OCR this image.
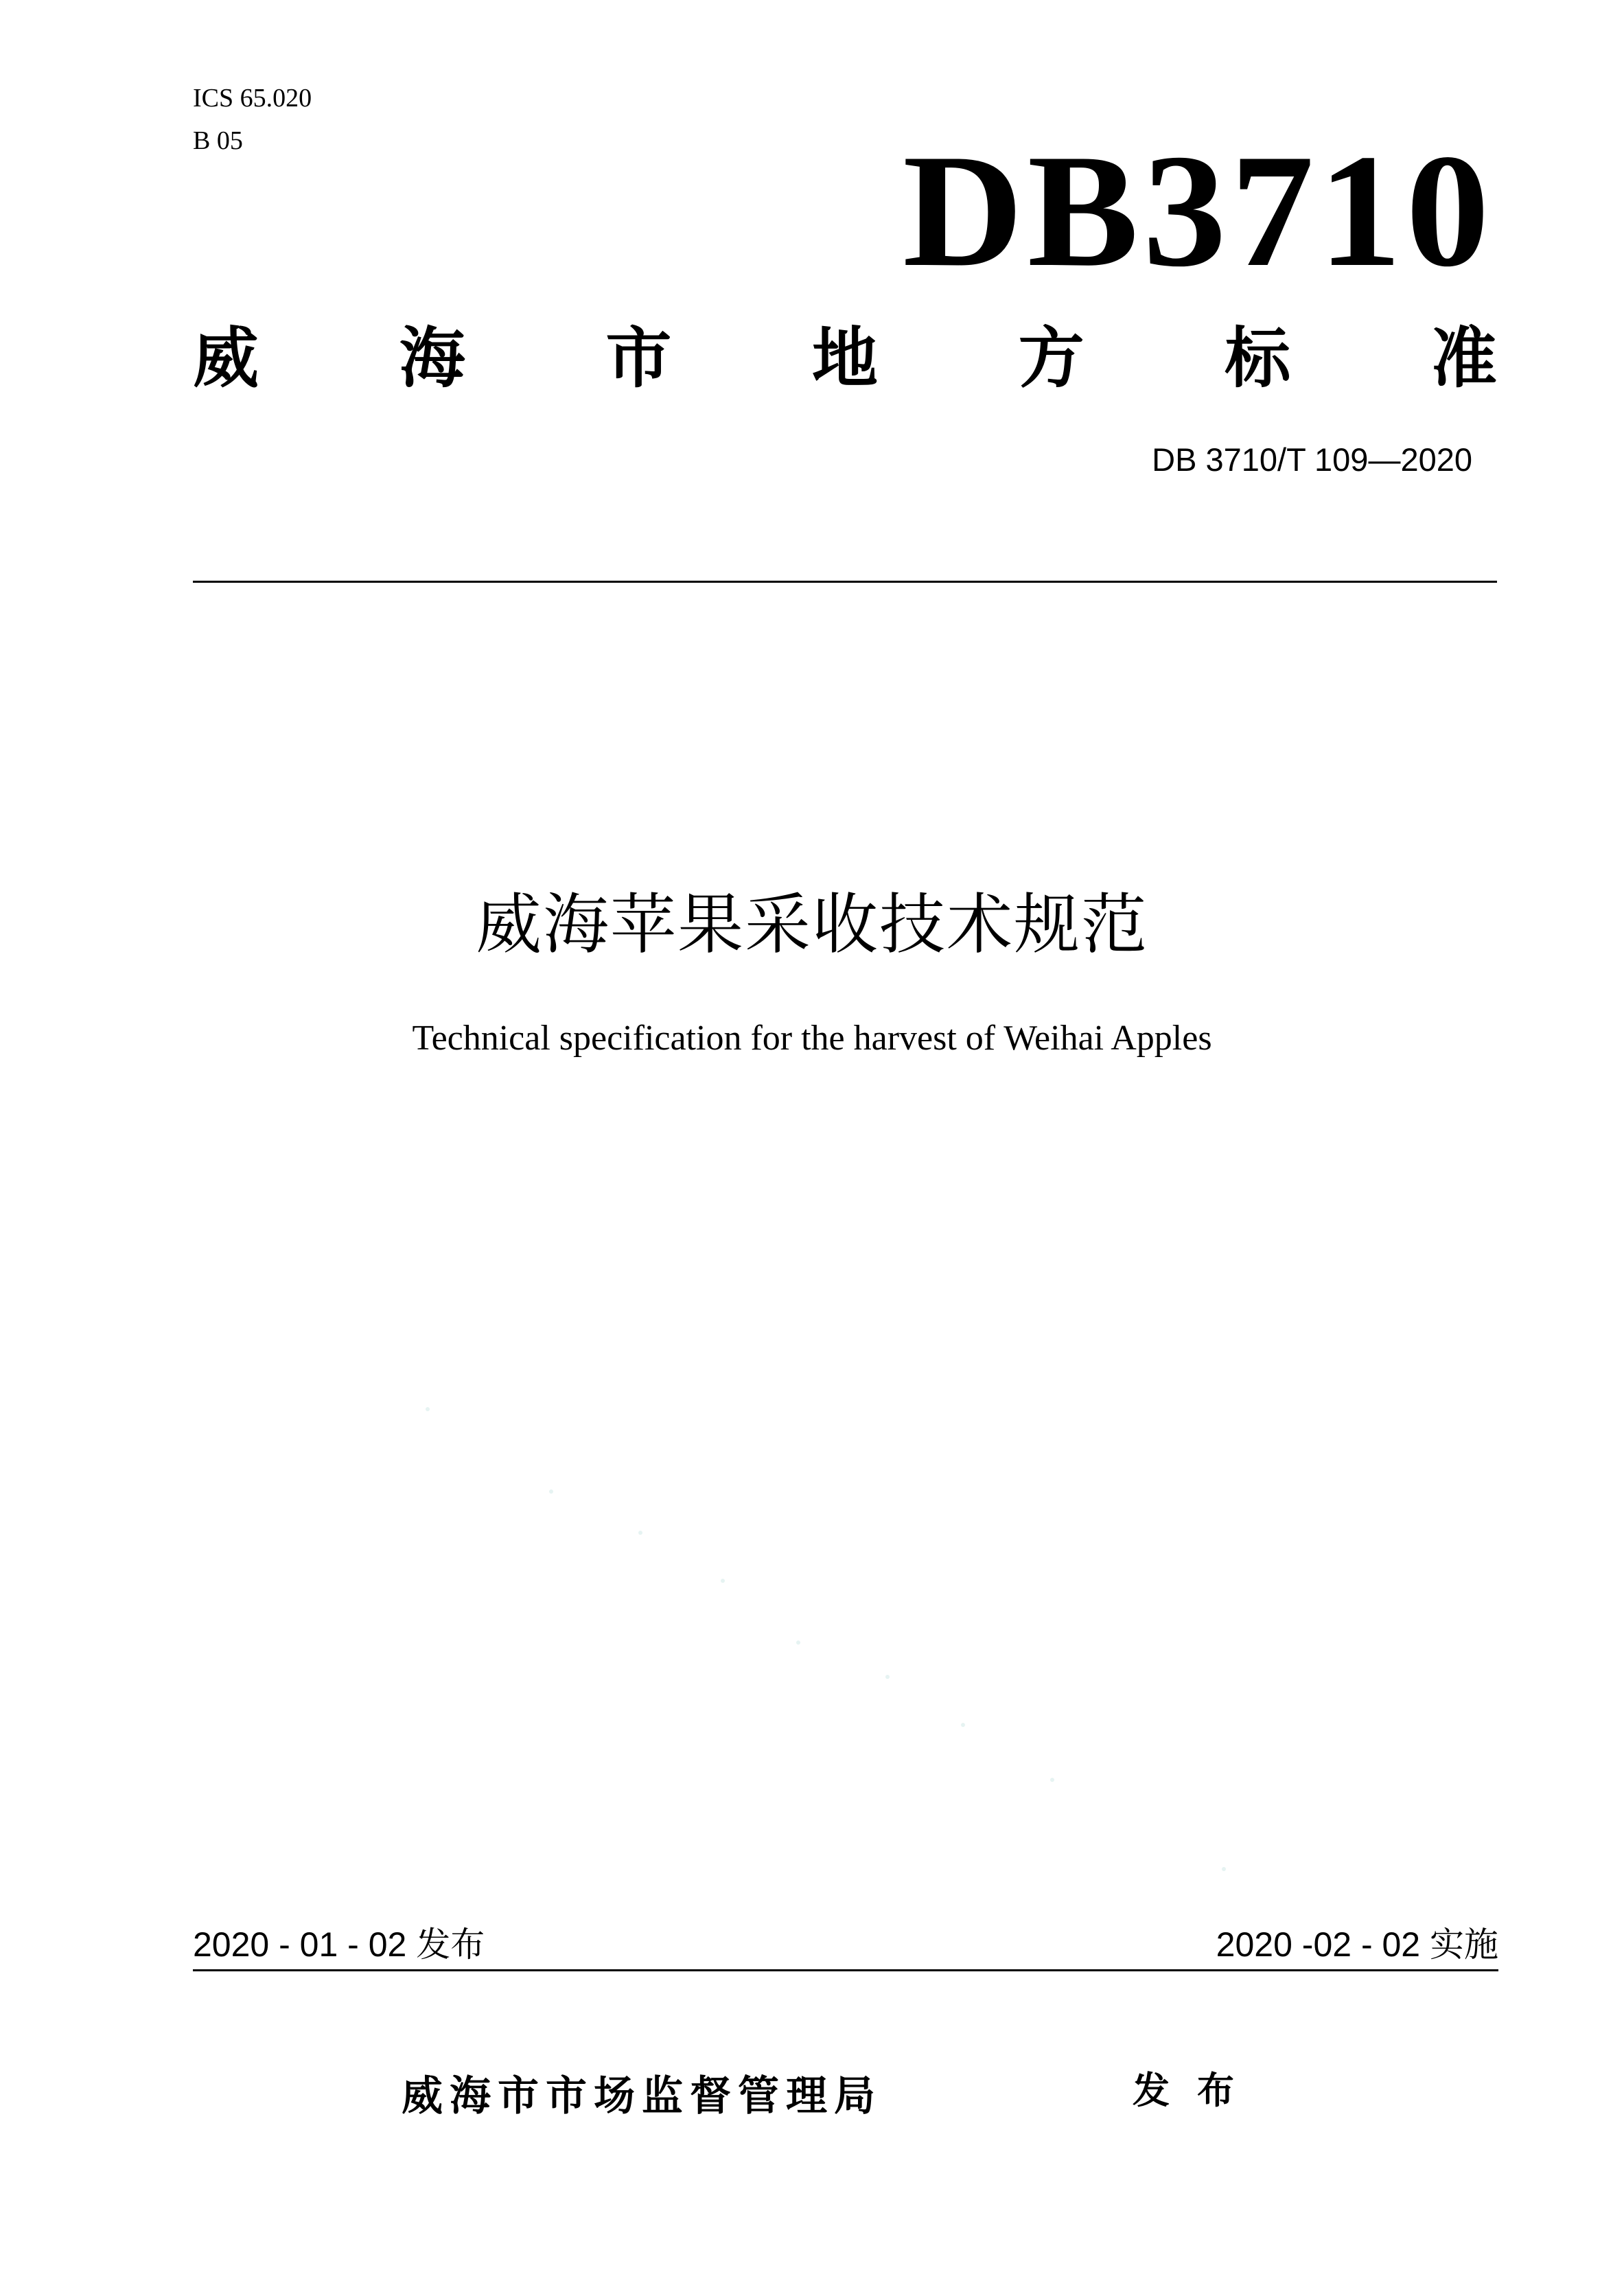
ICS 65.020
B 05	DB3710
威 海 市 地 方 标 准
DB 3710/T 109—2020
威海苹果采收技术规范
Technical specification for the harvest of Weihai Apples
2020 - 01 - 02 发布	2020 -02 - 02 实施
威海市市场监督管理局	发布
